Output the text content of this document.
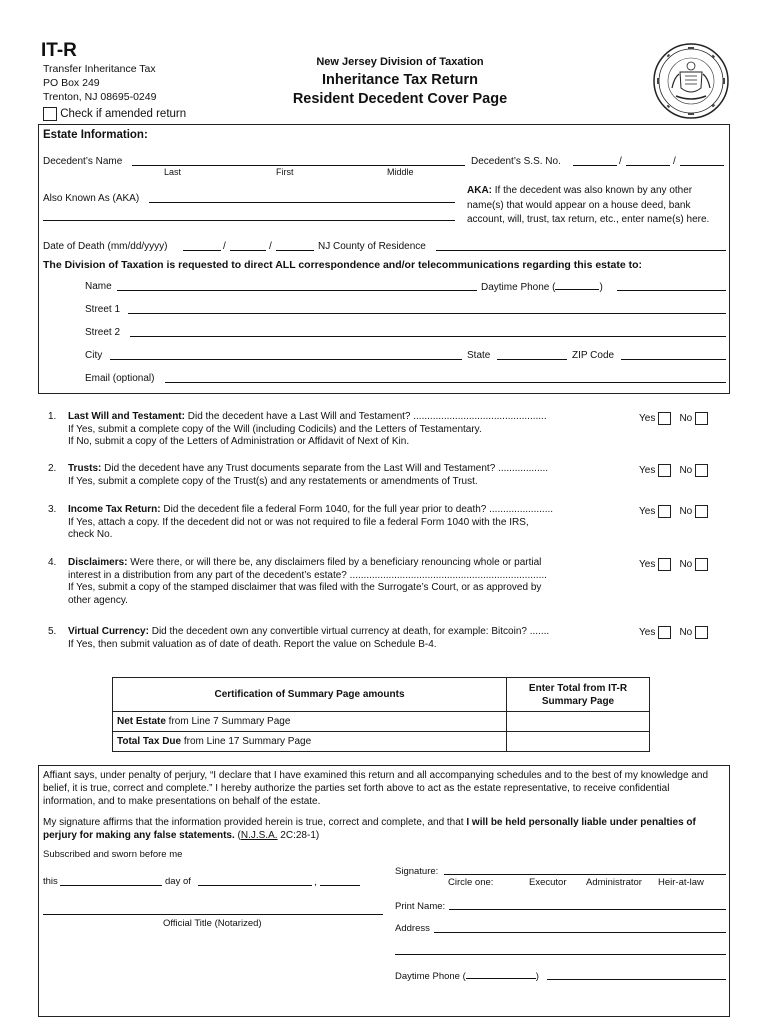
IT-R
Transfer Inheritance Tax
PO Box 249
Trenton, NJ 08695-0249
Check if amended return
New Jersey Division of Taxation
Inheritance Tax Return
Resident Decedent Cover Page
Estate Information:
Decedent’s Name
Last	First	Middle
Decedent’s S.S. No.	/	/
Also Known As (AKA)
AKA: If the decedent was also known by any other
name(s) that would appear on a house deed, bank
account, will, trust, tax return, etc., enter name(s) here.
Date of Death (mm/dd/yyyy)	/	/	NJ County of Residence
The Division of Taxation is requested to direct ALL correspondence and/or telecommunications regarding this estate to:
Name	Daytime Phone (	)
Street 1
Street 2
City	State	ZIP Code
Email (optional)
1. Last Will and Testament: Did the decedent have a Last Will and Testament? ................................................
If Yes, submit a complete copy of the Will (including Codicils) and the Letters of Testamentary.
If No, submit a copy of the Letters of Administration or Affidavit of Next of Kin.
Yes No
2. Trusts: Did the decedent have any Trust documents separate from the Last Will and Testament? ..................
If Yes, submit a complete copy of the Trust(s) and any restatements or amendments of Trust.
Yes No
3. Income Tax Return: Did the decedent file a federal Form 1040, for the full year prior to death? .......................
If Yes, attach a copy. If the decedent did not or was not required to file a federal Form 1040 with the IRS,
check No.
Yes No
4. Disclaimers: Were there, or will there be, any disclaimers filed by a beneficiary renouncing whole or partial
interest in a distribution from any part of the decedent’s estate? .......................................................................
If Yes, submit a copy of the stamped disclaimer that was filed with the Surrogate’s Court, or as approved by
other agency.
Yes No
5. Virtual Currency: Did the decedent own any convertible virtual currency at death, for example: Bitcoin? .......
If Yes, then submit valuation as of date of death. Report the value on Schedule B-4.
Yes No
Certification of Summary Page amounts	Enter Total from IT-R
Summary Page

Net Estate from Line 7 Summary Page	
Total Tax Due from Line 17 Summary Page	
Affiant says, under penalty of perjury, “I declare that I have examined this return and all accompanying schedules and to the best of my knowledge and belief, it is true, correct and complete.” I hereby authorize the parties set forth above to act as the estate representative, to receive confidential information, and to make presentations on behalf of the estate.
My signature affirms that the information provided herein is true, correct and complete, and that I will be held personally liable under penalties of perjury for making any false statements. (N.J.S.A. 2C:28-1)
Subscribed and sworn before me
this	day of	,
Official Title (Notarized)
Signature:
Circle one:	Executor Administrator Heir-at-law
Print Name:
Address
Daytime Phone (	)
